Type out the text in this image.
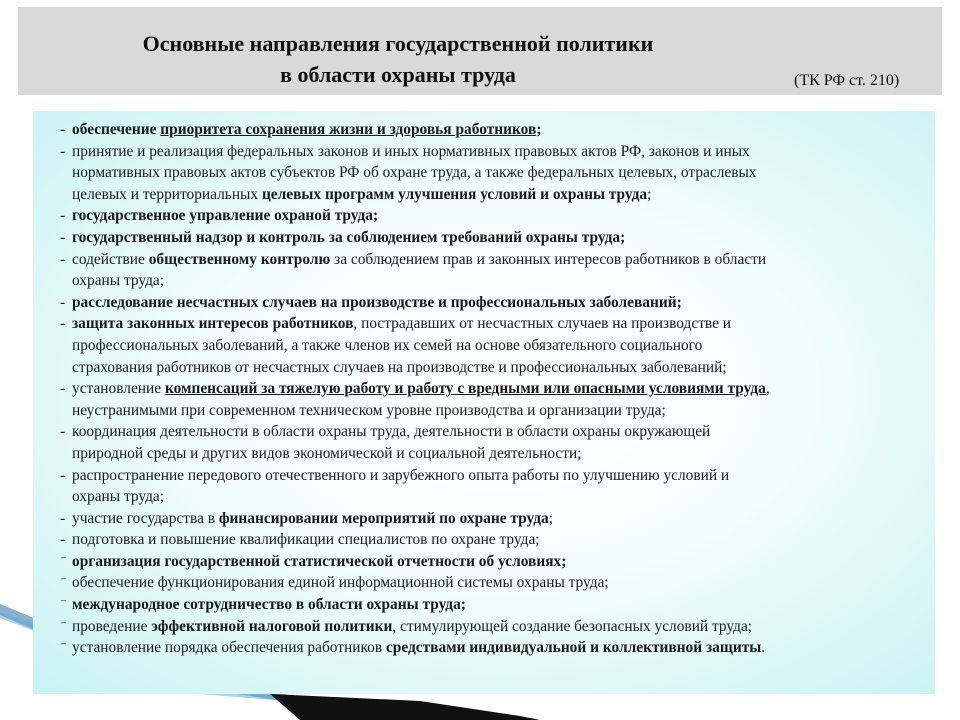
Основные направления государственной политики
в области охраны труда	(ТК РФ ст. 210)
- обеспечение приоритета сохранения жизни и здоровья работников;
- принятие и реализация федеральных законов и иных нормативных правовых актов РФ, законов и иных
нормативных правовых актов субъектов РФ об охране труда, а также федеральных целевых, отраслевых
целевых и территориальных целевых программ улучшения условий и охраны труда;
- государственное управление охраной труда;
- государственный надзор и контроль за соблюдением требований охраны труда;
- содействие общественному контролю за соблюдением прав и законных интересов работников в области
охраны труда;
- расследование несчастных случаев на производстве и профессиональных заболеваний;
- защита законных интересов работников, пострадавших от несчастных случаев на производстве и
профессиональных заболеваний, а также членов их семей на основе обязательного социального
страхования работников от несчастных случаев на производстве и профессиональных заболеваний;
- установление компенсаций за тяжелую работу и работу с вредными или опасными условиями труда,
неустранимыми при современном техническом уровне производства и организации труда;
- координация деятельности в области охраны труда, деятельности в области охраны окружающей
природной среды и других видов экономической и социальной деятельности;
- распространение передового отечественного и зарубежного опыта работы по улучшению условий и
охраны труда;
- участие государства в финансировании мероприятий по охране труда;
- подготовка и повышение квалификации специалистов по охране труда;
⁻ организация государственной статистической отчетности об условиях;
⁻ обеспечение функционирования единой информационной системы охраны труда;
⁻ международное сотрудничество в области охраны труда;
⁻ проведение эффективной налоговой политики, стимулирующей создание безопасных условий труда;
⁻ установление порядка обеспечения работников средствами индивидуальной и коллективной защиты.
